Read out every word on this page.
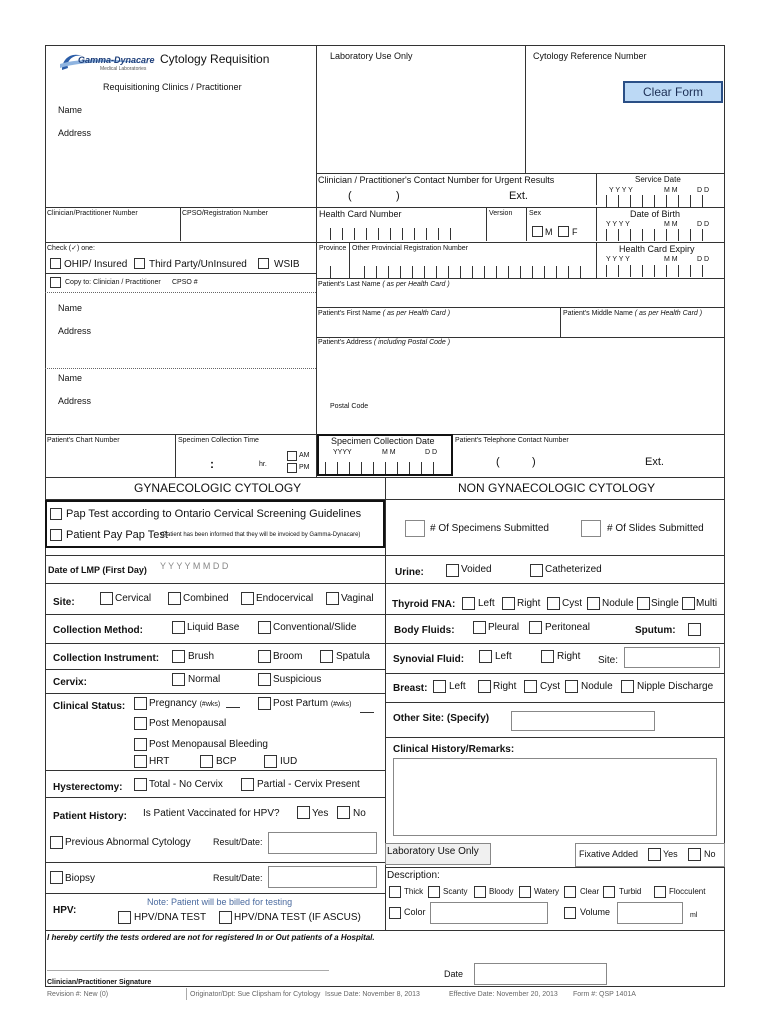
Gamma-Dynacare
Medical Laboratories
Cytology Requisition	Laboratory Use Only	Cytology Reference Number
Clear Form
Requisitioning Clinics / Practitioner
Name
Address
Clinician / Practitioner's Contact Number for Urgent Results
(	)	Ext.
Service Date
Y Y Y Y	M M	D D
Clinician/Practitioner Number	CPSO/Registration Number	Health Card Number	Version Sex
M F
Date of Birth
Y Y Y Y	M M	D D
Check (✓) one:
OHIP/ Insured Third Party/UnInsured	WSIB
Province Other Provincial Registration Number	Health Card Expiry
Y Y Y Y	M M	D D
Copy to: Clinician / Practitioner CPSO #	Patient's Last Name ( as per Health Card )
Patient's First Name ( as per Health Card )	Patient's Middle Name ( as per Health Card )
Patient's Address ( including Postal Code )
Name
Address
Name
Address
Postal Code
Patient's Chart Number	Specimen Collection Time
:	hr.
AM
PM
Specimen Collection Date
YYYY	M M	D D
Patient's Telephone Contact Number
(	)	Ext.
GYNAECOLOGIC CYTOLOGY	NON GYNAECOLOGIC CYTOLOGY
Pap Test according to Ontario Cervical Screening Guidelines
Patient Pay Pap Test
(Patient has been informed that they will be invoiced by Gamma-Dynacare)
# Of Specimens Submitted	# Of Slides Submitted
Date of LMP (First Day) Y Y Y Y M M D D
Urine:	Voided	Catheterized
Site:	Cervical	Combined	Endocervical	Vaginal
Thyroid FNA: Left Right Cyst Nodule Single Multi
Collection Method:	Liquid Base	Conventional/Slide	Body Fluids:	Pleural	Peritoneal	Sputum:
Collection Instrument:	Brush	Broom	Spatula Synovial Fluid:	Left	Right Site:
Cervix:	Normal	Suspicious
Breast: Left	Right Cyst Nodule Nipple Discharge
Clinical Status: Pregnancy (#wks)	Post Partum (#wks)
Post Menopausal
Post Menopausal Bleeding
HRT	BCP	IUD
Other Site: (Specify)
Clinical History/Remarks:
Hysterectomy:	Total - No Cervix	Partial - Cervix Present
Patient History: Is Patient Vaccinated for HPV?	Yes No
Previous Abnormal Cytology Result/Date:
Biopsy	Result/Date:
HPV:
Note: Patient will be billed for testing
HPV/DNA TEST	HPV/DNA TEST (IF ASCUS)
Laboratory Use Only	Fixative Added	Yes	No
Description:
Thick Scanty	Bloody	Watery	Clear Turbid	Flocculent
Color	Volume	ml
I hereby certify the tests ordered are not for registered In or Out patients of a Hospital.
Date
Clinician/Practitioner Signature
Revision #: New (0)	Originator/Dpt: Sue Clipsham for Cytology Issue Date: November 8, 2013	Effective Date: November 20, 2013 Form #: QSP 1401A
